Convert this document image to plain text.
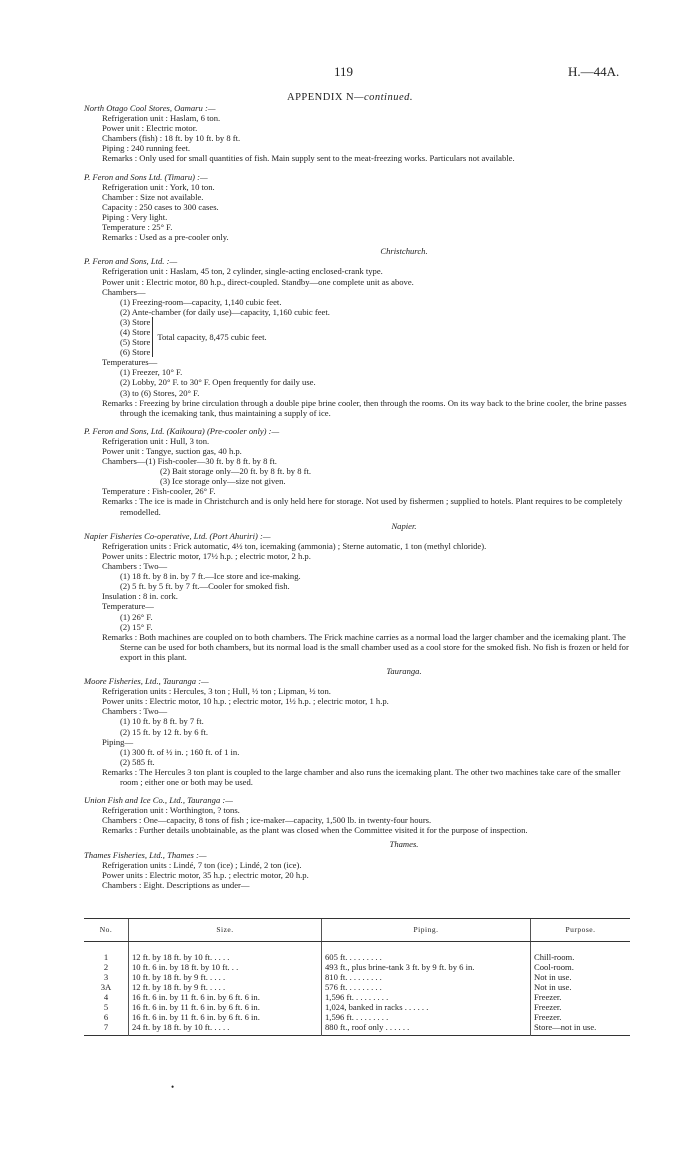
119	H.—44A.
APPENDIX N—continued.

North Otago Cool Stores, Oamaru :—

Refrigeration unit : Haslam, 6 ton.

Power unit : Electric motor.

Chambers (fish) : 18 ft. by 10 ft. by 8 ft.

Piping : 240 running feet.

Remarks : Only used for small quantities of fish. Main supply sent to the meat-freezing works. Particulars not available.

P. Feron and Sons Ltd. (Timaru) :—

Refrigeration unit : York, 10 ton.

Chamber : Size not available.

Capacity : 250 cases to 300 cases.

Piping : Very light.

Temperature : 25° F.

Remarks : Used as a pre-cooler only.

Christchurch.

P. Feron and Sons, Ltd. :—

Refrigeration unit : Haslam, 45 ton, 2 cylinder, single-acting enclosed-crank type.

Power unit : Electric motor, 80 h.p., direct-coupled. Standby—one complete unit as above.

Chambers—

(1) Freezing-room—capacity, 1,140 cubic feet.

(2) Ante-chamber (for daily use)—capacity, 1,160 cubic feet.

(3) Store

(4) Store

(5) Store

(6) Store

Total capacity, 8,475 cubic feet.

Temperatures—

(1) Freezer, 10° F.

(2) Lobby, 20° F. to 30° F. Open frequently for daily use.

(3) to (6) Stores, 20° F.

Remarks : Freezing by brine circulation through a double pipe brine cooler, then through the rooms. On its way back to the brine cooler, the brine passes through the icemaking tank, thus maintaining a supply of ice.

P. Feron and Sons, Ltd. (Kaikoura) (Pre-cooler only) :—

Refrigeration unit : Hull, 3 ton.

Power unit : Tangye, suction gas, 40 h.p.

Chambers—(1) Fish-cooler—30 ft. by 8 ft. by 8 ft.

(2) Bait storage only—20 ft. by 8 ft. by 8 ft.

(3) Ice storage only—size not given.

Temperature : Fish-cooler, 26° F.

Remarks : The ice is made in Christchurch and is only held here for storage. Not used by fishermen ; supplied to hotels. Plant requires to be completely remodelled.

Napier.

Napier Fisheries Co-operative, Ltd. (Port Ahuriri) :—

Refrigeration units : Frick automatic, 4½ ton, icemaking (ammonia) ; Sterne automatic, 1 ton (methyl chloride).

Power units : Electric motor, 17½ h.p. ; electric motor, 2 h.p.

Chambers : Two—

(1) 18 ft. by 8 in. by 7 ft.—Ice store and ice-making.

(2) 5 ft. by 5 ft. by 7 ft.—Cooler for smoked fish.

Insulation : 8 in. cork.

Temperature—

(1) 26° F.

(2) 15° F.

Remarks : Both machines are coupled on to both chambers. The Frick machine carries as a normal load the larger chamber and the icemaking plant. The Sterne can be used for both chambers, but its normal load is the small chamber used as a cool store for the smoked fish. No fish is frozen or held for export in this plant.

Tauranga.

Moore Fisheries, Ltd., Tauranga :—

Refrigeration units : Hercules, 3 ton ; Hull, ½ ton ; Lipman, ½ ton.

Power units : Electric motor, 10 h.p. ; electric motor, 1½ h.p. ; electric motor, 1 h.p.

Chambers : Two—

(1) 10 ft. by 8 ft. by 7 ft.

(2) 15 ft. by 12 ft. by 6 ft.

Piping—

(1) 300 ft. of ½ in. ; 160 ft. of 1 in.

(2) 585 ft.

Remarks : The Hercules 3 ton plant is coupled to the large chamber and also runs the icemaking plant. The other two machines take care of the smaller room ; either one or both may be used.

Union Fish and Ice Co., Ltd., Tauranga :—

Refrigeration unit : Worthington, ? tons.

Chambers : One—capacity, 8 tons of fish ; ice-maker—capacity, 1,500 lb. in twenty-four hours.

Remarks : Further details unobtainable, as the plant was closed when the Committee visited it for the purpose of inspection.

Thames.

Thames Fisheries, Ltd., Thames :—

Refrigeration units : Lindé, 7 ton (ice) ; Lindé, 2 ton (ice).

Power units : Electric motor, 35 h.p. ; electric motor, 20 h.p.

Chambers : Eight. Descriptions as under—

No.	Size.	Piping.	Purpose.
1	12 ft. by 18 ft. by 10 ft. . . . .	605 ft. . . . . . . . .	Chill-room.
2	10 ft. 6 in. by 18 ft. by 10 ft. . .	493 ft., plus brine-tank 3 ft. by 9 ft. by 6 in.	Cool-room.
3	10 ft. by 18 ft. by 9 ft. . . . .	810 ft. . . . . . . . .	Not in use.
3A	12 ft. by 18 ft. by 9 ft. . . . .	576 ft. . . . . . . . .	Not in use.
4	16 ft. 6 in. by 11 ft. 6 in. by 6 ft. 6 in.	1,596 ft. . . . . . . . .	Freezer.
5	16 ft. 6 in. by 11 ft. 6 in. by 6 ft. 6 in.	1,024, banked in racks . . . . . .	Freezer.
6	16 ft. 6 in. by 11 ft. 6 in. by 6 ft. 6 in.	1,596 ft. . . . . . . . .	Freezer.
7	24 ft. by 18 ft. by 10 ft. . . . .	880 ft., roof only . . . . . .	Store—not in use.
•
